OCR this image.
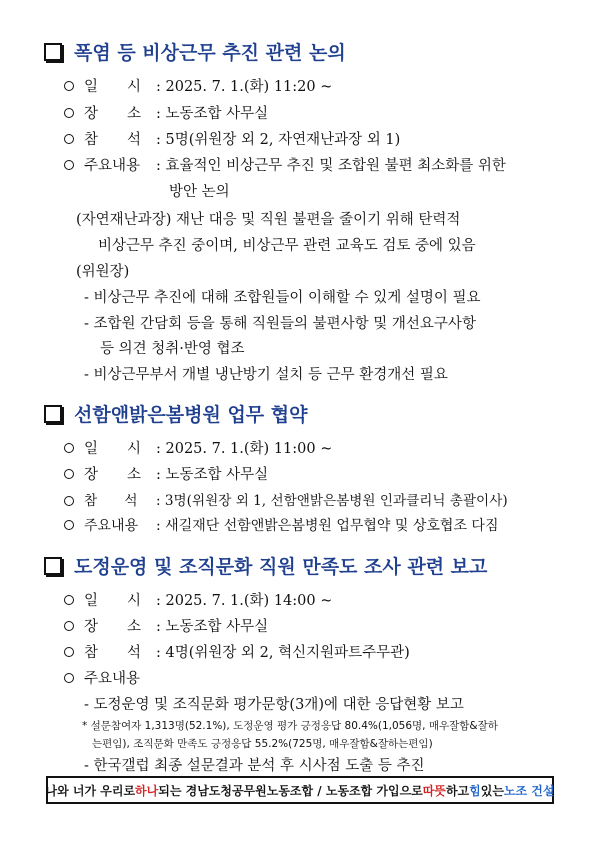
폭염 등 비상근무 추진 관련 논의
일　　시 : 2025. 7. 1.(화) 11:20 ~
장　　소 : 노동조합 사무실
참　　석 : 5명(위원장 외 2, 자연재난과장 외 1)
주요내용 : 효율적인 비상근무 추진 및 조합원 불편 최소화를 위한
방안 논의
(자연재난과장) 재난 대응 및 직원 불편을 줄이기 위해 탄력적
비상근무 추진 중이며, 비상근무 관련 교육도 검토 중에 있음
(위원장)
- 비상근무 추진에 대해 조합원들이 이해할 수 있게 설명이 필요
- 조합원 간담회 등을 통해 직원들의 불편사항 및 개선요구사항
등 의견 청취·반영 협조
- 비상근무부서 개별 냉난방기 설치 등 근무 환경개선 필요
선함앤밝은봄병원 업무 협약
일　　시 : 2025. 7. 1.(화) 11:00 ~
장　　소 : 노동조합 사무실
참　　석 : 3명(위원장 외 1, 선함앤밝은봄병원 인과클리닉 총괄이사)
주요내용 : 새길재단 선함앤밝은봄병원 업무협약 및 상호협조 다짐
도정운영 및 조직문화 직원 만족도 조사 관련 보고
일　　시 : 2025. 7. 1.(화) 14:00 ~
장　　소 : 노동조합 사무실
참　　석 : 4명(위원장 외 2, 혁신지원파트주무관)
주요내용
- 도정운영 및 조직문화 평가문항(3개)에 대한 응답현황 보고
* 설문참여자 1,313명(52.1%), 도정운영 평가 긍정응답 80.4%(1,056명, 매우잘함&잘하
는편임), 조직문화 만족도 긍정응답 55.2%(725명, 매우잘함&잘하는편임)
- 한국갤럽 최종 설문결과 분석 후 시사점 도출 등 추진
나와 너가 우리로 하나 되는 경남도청공무원노동조합 / 노동조합 가입으로 따뜻 하고 힘 있는 노조 건설
